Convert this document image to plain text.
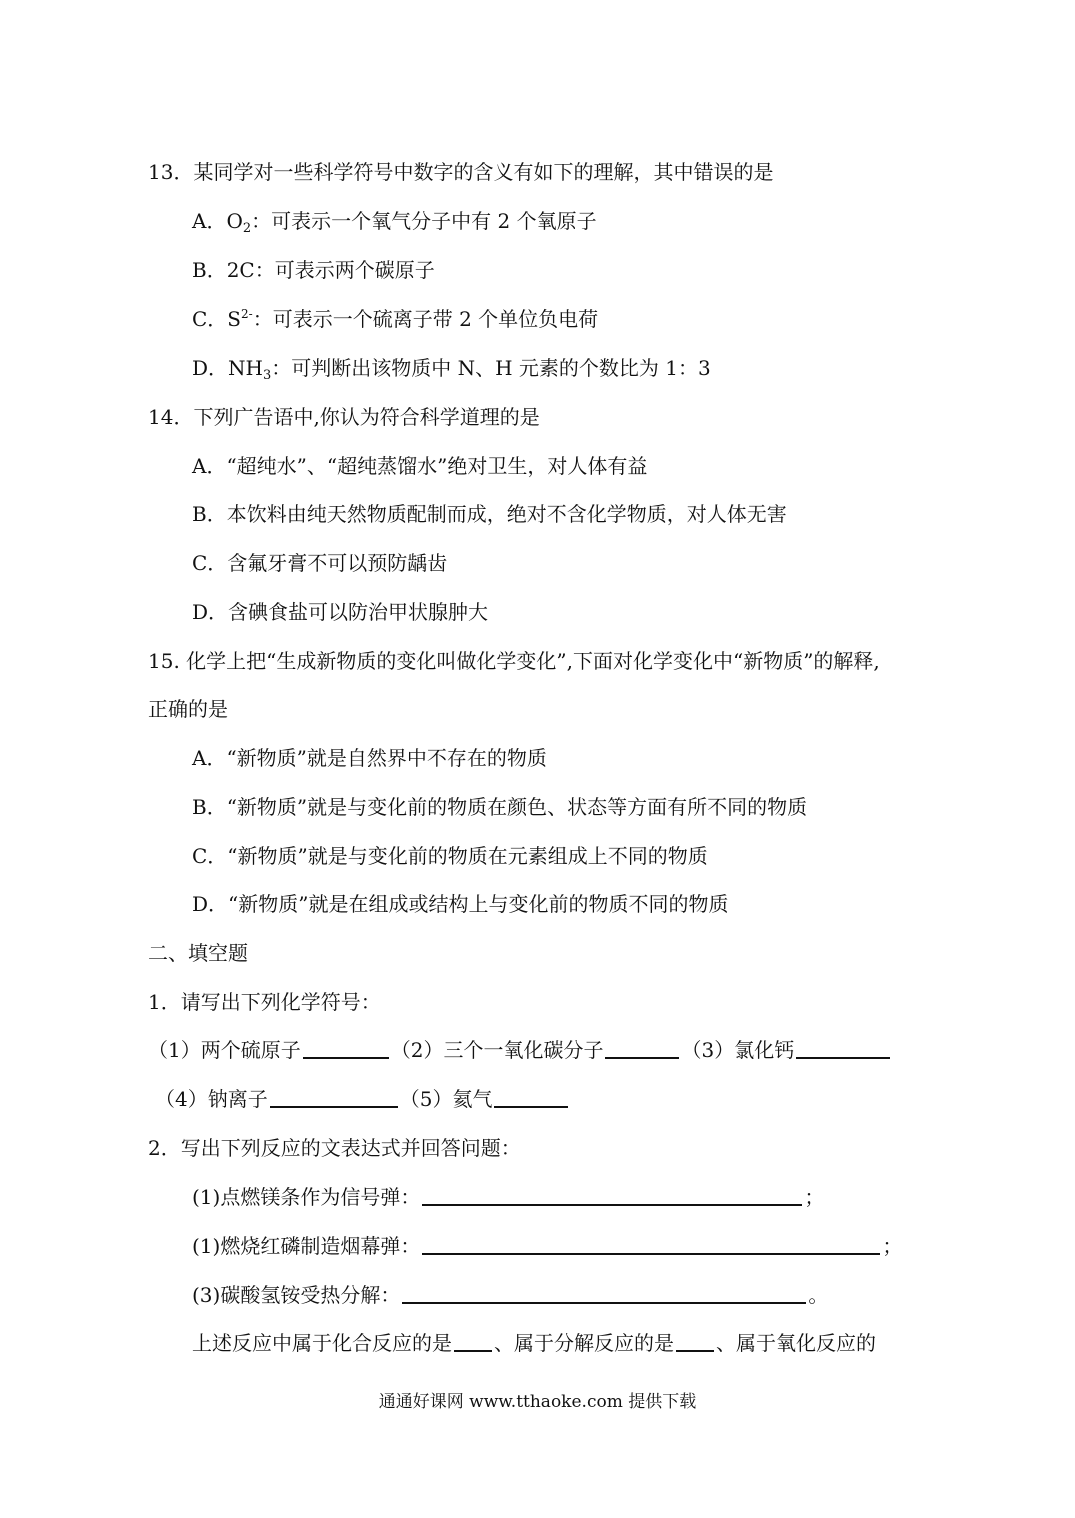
13．某同学对一些科学符号中数字的含义有如下的理解，其中错误的是
A．$O_2$：可表示一个氧气分子中有 2 个氧原子
B．2C：可表示两个碳原子
C．$S^{2-}$：可表示一个硫离子带 2 个单位负电荷
D．$NH_3$：可判断出该物质中 N、H 元素的个数比为 1：3
14．下列广告语中,你认为符合科学道理的是
A．“超纯水”、“超纯蒸馏水”绝对卫生，对人体有益
B．本饮料由纯天然物质配制而成，绝对不含化学物质，对人体无害
C．含氟牙膏不可以预防龋齿
D．含碘食盐可以防治甲状腺肿大
15. 化学上把“生成新物质的变化叫做化学变化”,下面对化学变化中“新物质”的解释,
正确的是
A．“新物质”就是自然界中不存在的物质
B．“新物质”就是与变化前的物质在颜色、状态等方面有所不同的物质
C．“新物质”就是与变化前的物质在元素组成上不同的物质
D．“新物质”就是在组成或结构上与变化前的物质不同的物质
二、填空题
1．请写出下列化学符号：
（1）两个硫原子	（2）三个一氧化碳分子	（3）氯化钙
（4）钠离子	（5）氦气
2．写出下列反应的文表达式并回答问题：
(1)点燃镁条作为信号弹：	；
(1)燃烧红磷制造烟幕弹：	；
(3)碳酸氢铵受热分解：	。
上述反应中属于化合反应的是 、属于分解反应的是 、属于氧化反应的
通通好课网 www.tthaoke.com 提供下载
